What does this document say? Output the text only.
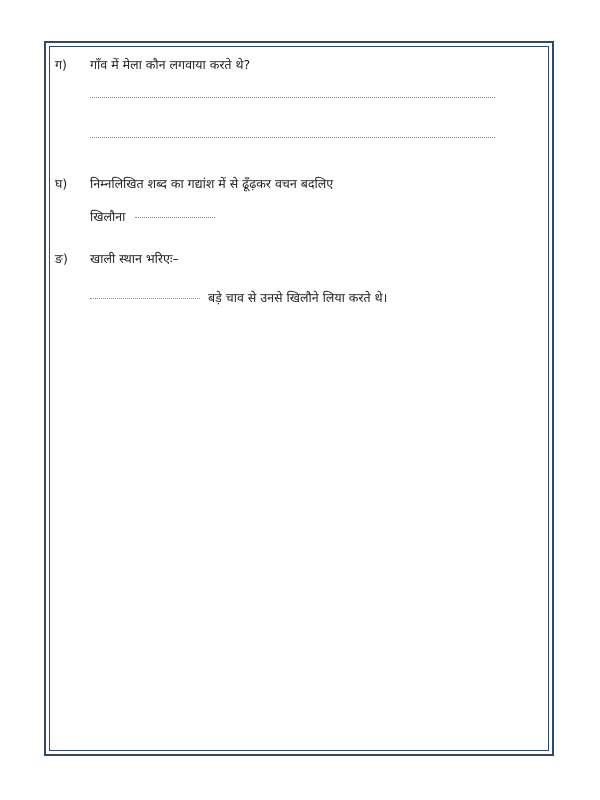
ग) गाँव में मेला कौन लगवाया करते थे?
घ) निम्नलिखित शब्द का गद्यांश में से ढूँढ़कर वचन बदलिए
खिलौना
ङ) खाली स्थान भरिएः–
बड़े चाव से उनसे खिलौने लिया करते थे।
